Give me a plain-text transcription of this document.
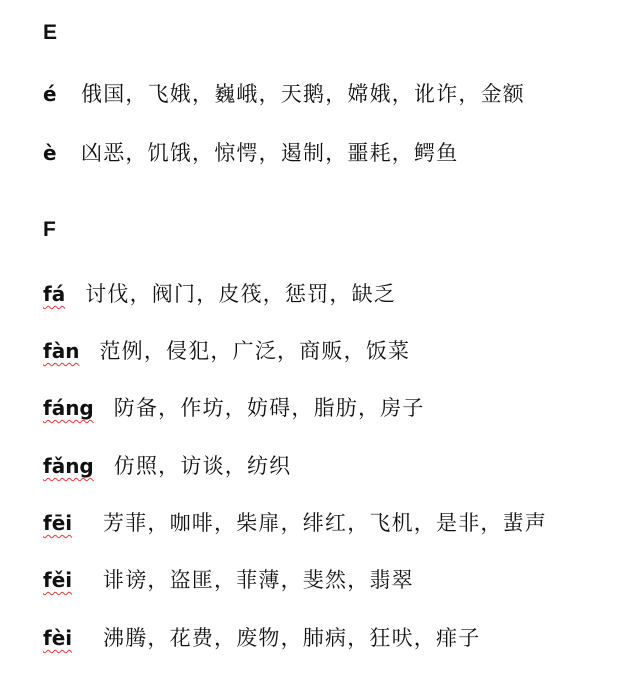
E
é	俄国，飞娥，巍峨，天鹅，嫦娥，讹诈，金额
è	凶恶，饥饿，惊愕，遏制，噩耗，鳄鱼
F
fá 讨伐，阀门，皮筏，惩罚，缺乏
fàn 范例，侵犯，广泛，商贩，饭菜
fáng 防备，作坊，妨碍，脂肪，房子
fǎng 仿照，访谈，纺织
fēi	芳菲，咖啡，柴扉，绯红，飞机，是非，蜚声
fěi	诽谤，盗匪，菲薄，斐然，翡翠
fèi	沸腾，花费，废物，肺病，狂吠，痱子
